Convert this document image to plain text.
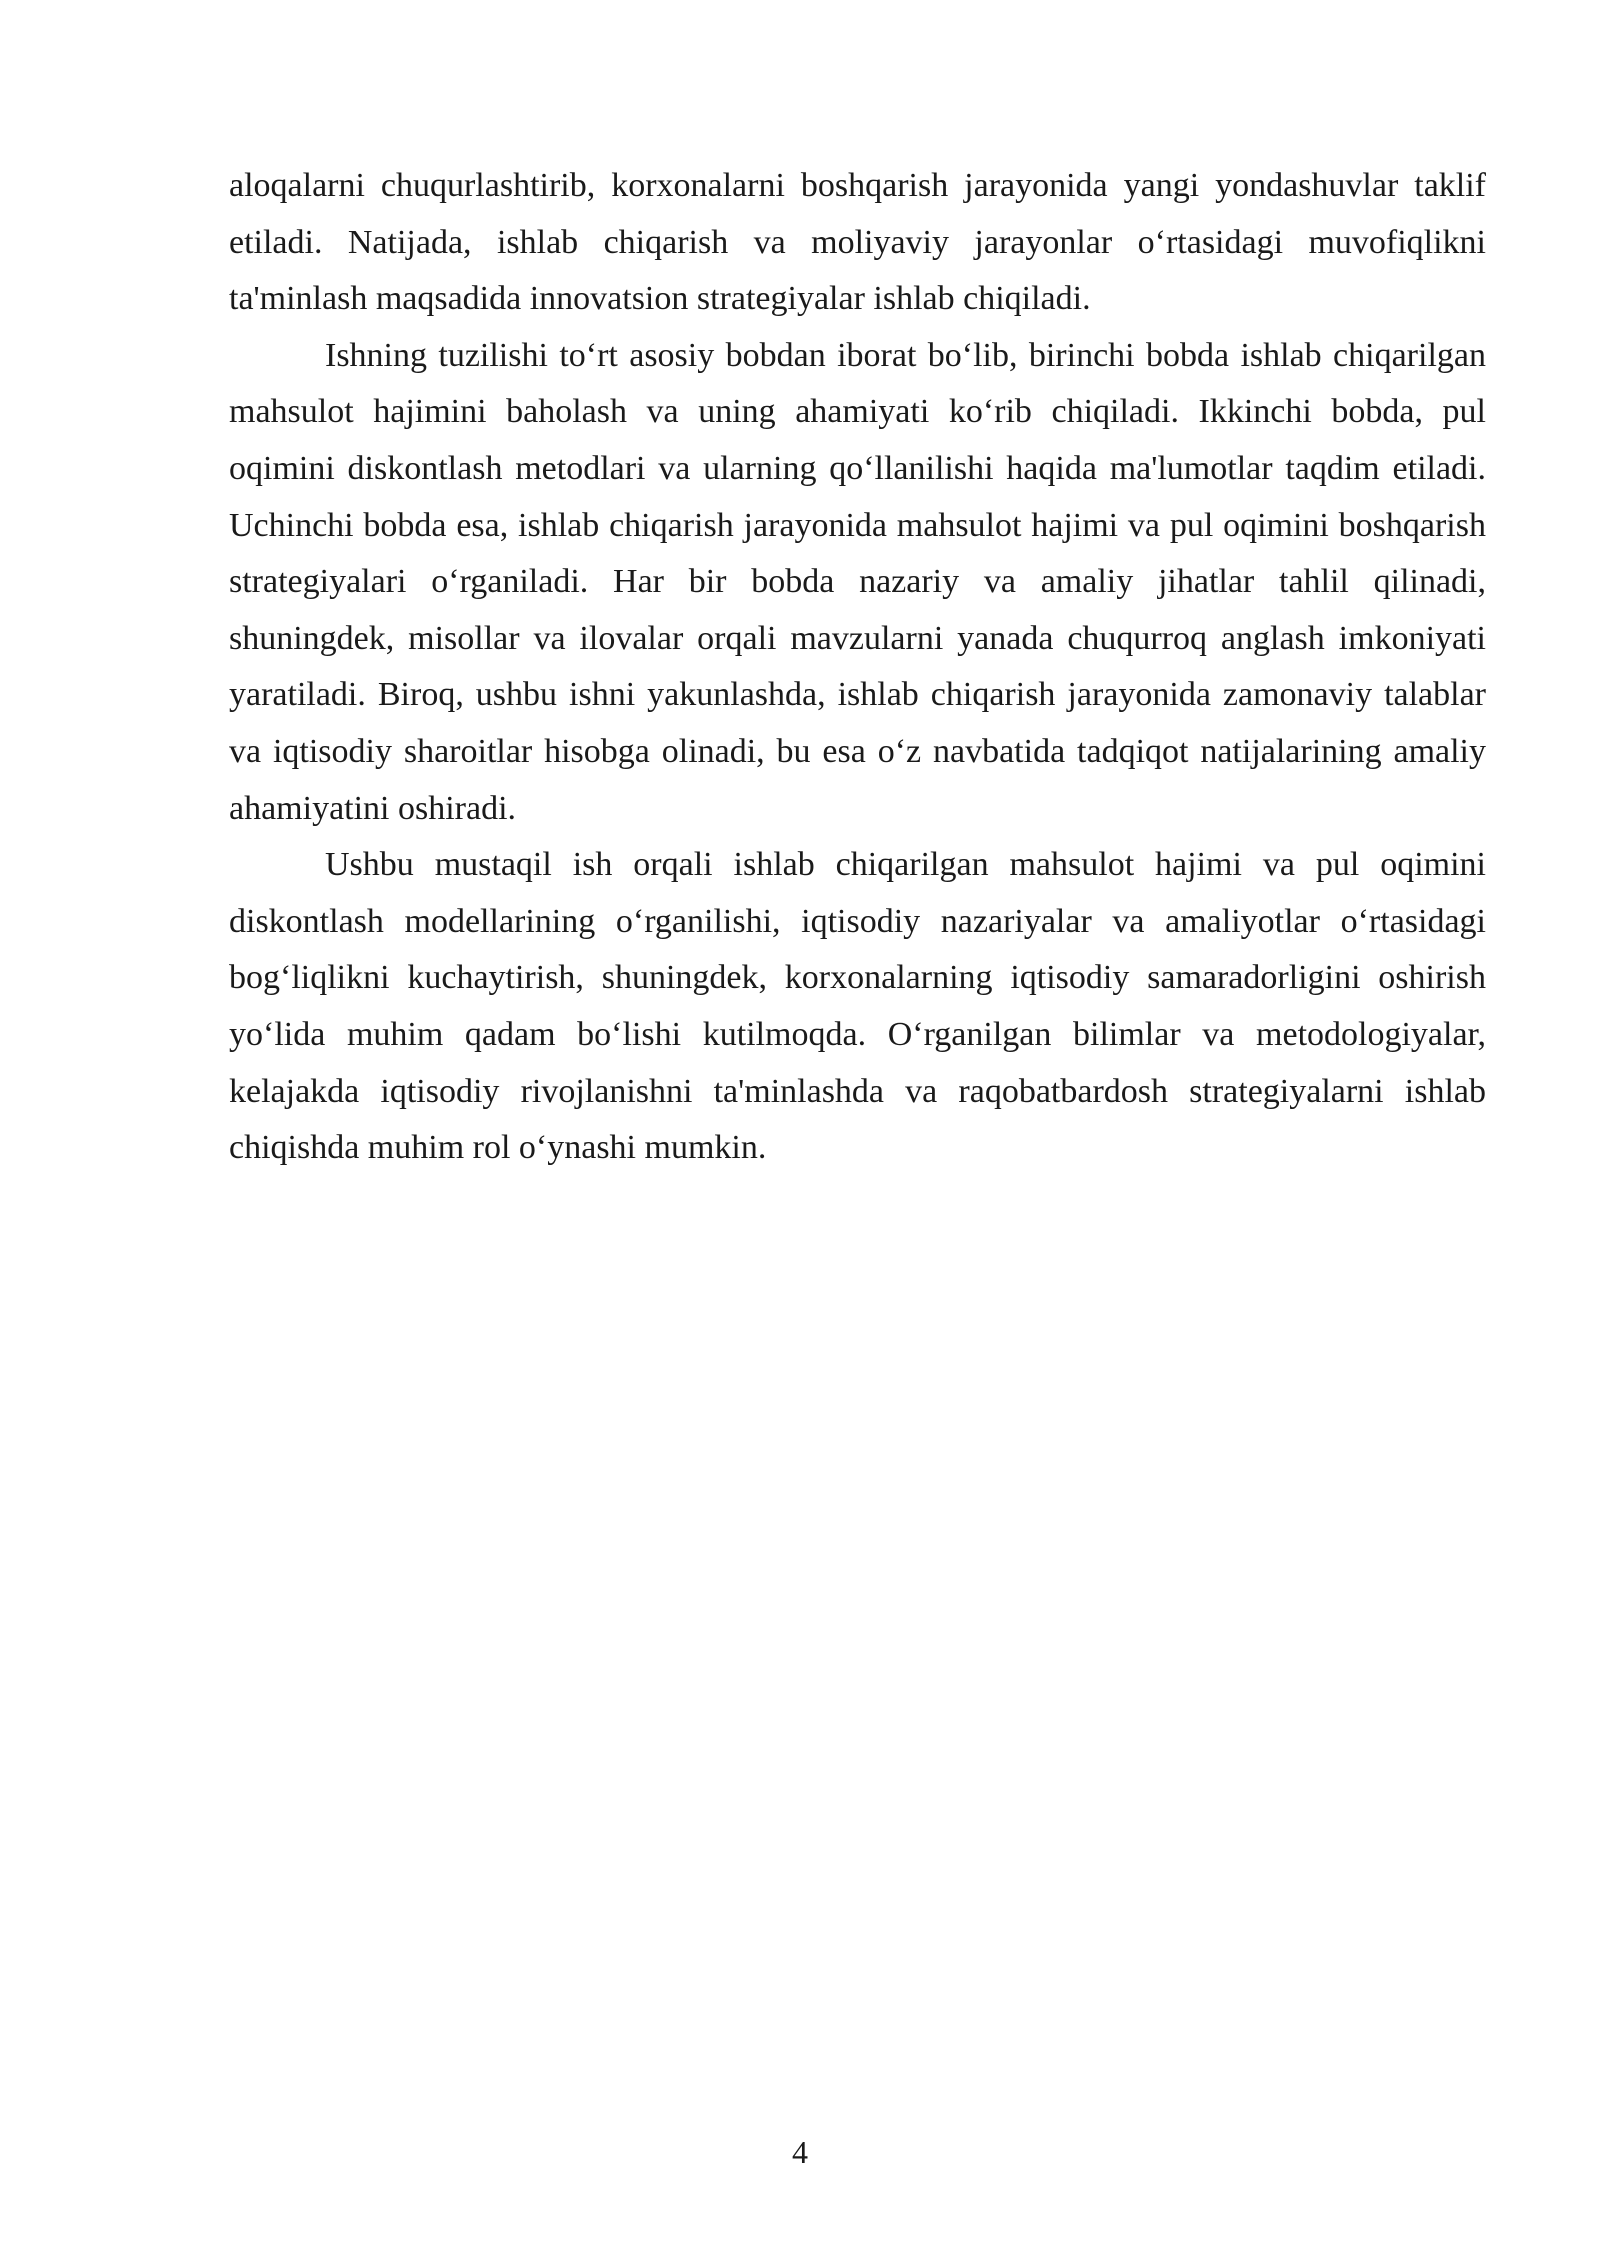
aloqalarni chuqurlashtirib, korxonalarni boshqarish jarayonida yangi yondashuvlar taklif etiladi. Natijada, ishlab chiqarish va moliyaviy jarayonlar o‘rtasidagi muvofiqlikni ta'minlash maqsadida innovatsion strategiyalar ishlab chiqiladi.

Ishning tuzilishi to‘rt asosiy bobdan iborat bo‘lib, birinchi bobda ishlab chiqarilgan mahsulot hajimini baholash va uning ahamiyati ko‘rib chiqiladi. Ikkinchi bobda, pul oqimini diskontlash metodlari va ularning qo‘llanilishi haqida ma'lumotlar taqdim etiladi. Uchinchi bobda esa, ishlab chiqarish jarayonida mahsulot hajimi va pul oqimini boshqarish strategiyalari o‘rganiladi. Har bir bobda nazariy va amaliy jihatlar tahlil qilinadi, shuningdek, misollar va ilovalar orqali mavzularni yanada chuqurroq anglash imkoniyati yaratiladi. Biroq, ushbu ishni yakunlashda, ishlab chiqarish jarayonida zamonaviy talablar va iqtisodiy sharoitlar hisobga olinadi, bu esa o‘z navbatida tadqiqot natijalarining amaliy ahamiyatini oshiradi.

Ushbu mustaqil ish orqali ishlab chiqarilgan mahsulot hajimi va pul oqimini diskontlash modellarining o‘rganilishi, iqtisodiy nazariyalar va amaliyotlar o‘rtasidagi bog‘liqlikni kuchaytirish, shuningdek, korxonalarning iqtisodiy samaradorligini oshirish yo‘lida muhim qadam bo‘lishi kutilmoqda. O‘rganilgan bilimlar va metodologiyalar, kelajakda iqtisodiy rivojlanishni ta'minlashda va raqobatbardosh strategiyalarni ishlab chiqishda muhim rol o‘ynashi mumkin.

4
